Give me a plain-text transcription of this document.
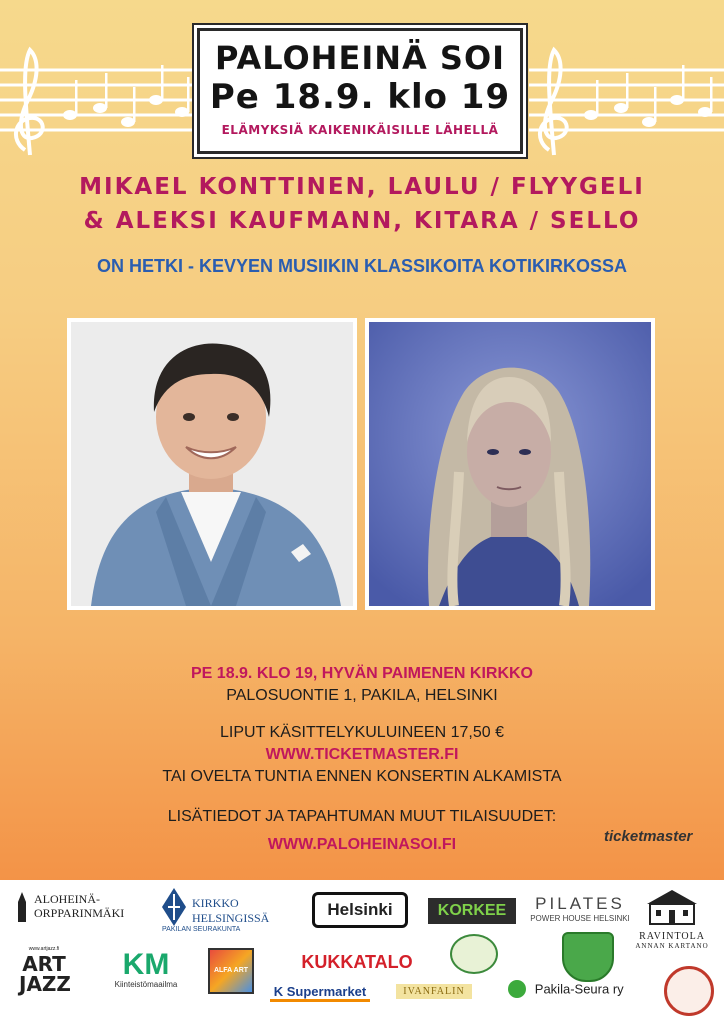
PALOHEINÄ SOI
Pe 18.9. klo 19
ELÄMYKSIÄ KAIKENIKÄISILLE LÄHELLÄ
MIKAEL KONTTINEN, LAULU / FLYYGELI
& ALEKSI KAUFMANN, KITARA / SELLO
ON HETKI - KEVYEN MUSIIKIN KLASSIKOITA KOTIKIRKOSSA
PE 18.9. KLO 19, HYVÄN PAIMENEN KIRKKO
PALOSUONTIE 1, PAKILA, HELSINKI
LIPUT KÄSITTELYKULUINEEN 17,50 €
WWW.TICKETMASTER.FI
TAI OVELTA TUNTIA ENNEN KONSERTIN ALKAMISTA
LISÄTIEDOT JA TAPAHTUMAN MUUT TILAISUUDET:
WWW.PALOHEINASOI.FI	ticketmaster
ALOHEINÄ-ORPPARINMÄKI
KIRKKO HELSINGISSÄ
PAKILAN SEURAKUNTA
Helsinki	KORKEE	PILATES
POWER HOUSE HELSINKI
RAVINTOLA
ANNAN KARTANO
www.artjazz.fi
ART JAZZ
KM
Kiinteistömaailma
ALFA ART	KUKKATALO
K Supermarket	IVANFALIN	Pakila-Seura ry
